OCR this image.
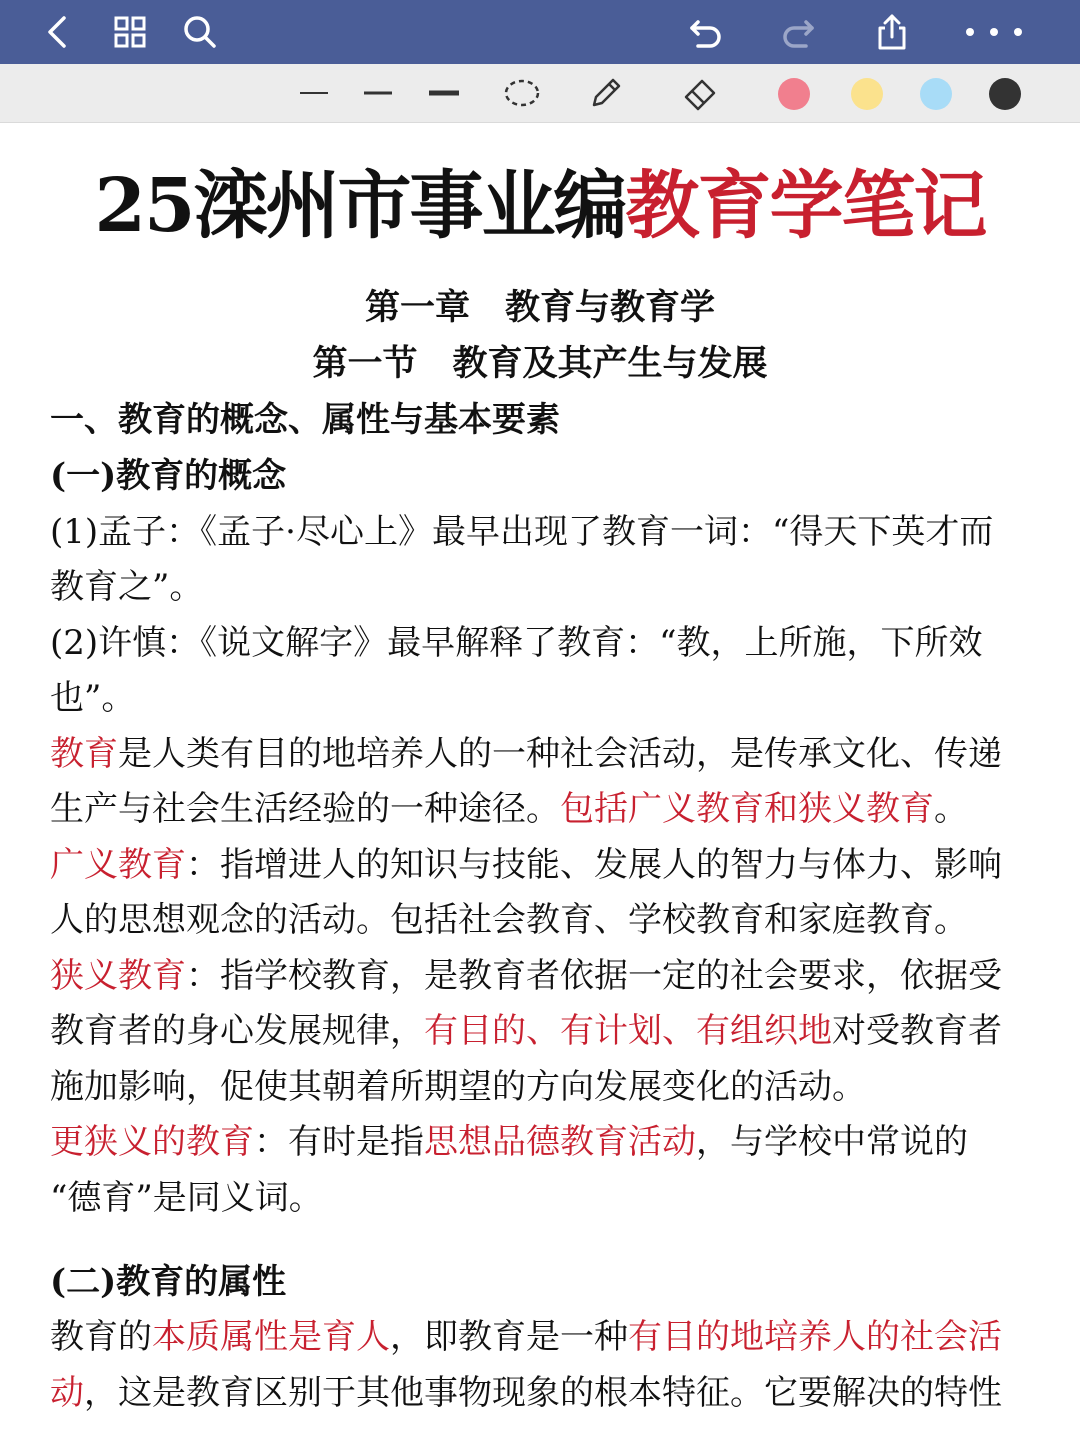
25滦州市事业编教育学笔记
第一章　教育与教育学
第一节　教育及其产生与发展
一、教育的概念、属性与基本要素
(一)教育的概念
(1)孟子：《孟子·尽心上》最早出现了教育一词：“得天下英才而
教育之”。
(2)许慎：《说文解字》最早解释了教育：“教，上所施，下所效
也”。
教育是人类有目的地培养人的一种社会活动，是传承文化、传递
生产与社会生活经验的一种途径。包括广义教育和狭义教育。
广义教育：指增进人的知识与技能、发展人的智力与体力、影响
人的思想观念的活动。包括社会教育、学校教育和家庭教育。
狭义教育：指学校教育，是教育者依据一定的社会要求，依据受
教育者的身心发展规律，有目的、有计划、有组织地对受教育者
施加影响，促使其朝着所期望的方向发展变化的活动。
更狭义的教育：有时是指思想品德教育活动，与学校中常说的
“德育”是同义词。
(二)教育的属性
教育的本质属性是育人，即教育是一种有目的地培养人的社会活
动，这是教育区别于其他事物现象的根本特征。它要解决的特性
